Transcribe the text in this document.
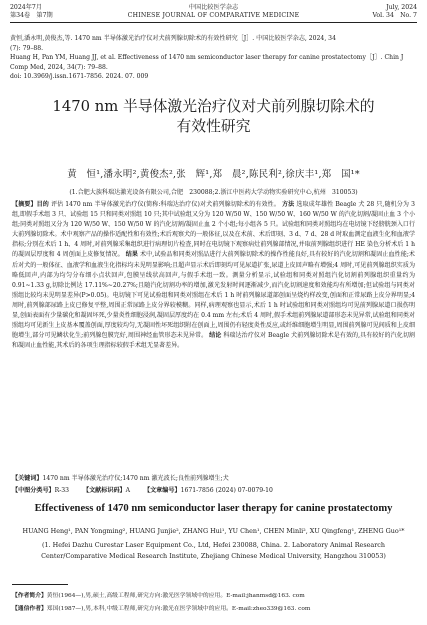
2024年7月	中国比较医学杂志	July, 2024
第34卷　第7期	CHINESE JOURNAL OF COMPARATIVE MEDICINE	Vol. 34　No. 7
黄恒,潘永明,黄俊杰,等. 1470 nm 半导体激光治疗仪对犬前列腺切除术的有效性研究［J］. 中国比较医学杂志, 2024, 34
(7): 79–88.
Huang H, Pan YM, Huang JJ, et al. Effectiveness of 1470 nm semiconductor laser therapy for canine prostatectomy［J］. Chin J
Comp Med, 2024, 34(7): 79–88.
doi: 10.3969/j.issn.1671-7856. 2024. 07. 009
1470 nm 半导体激光治疗仪对犬前列腺切除术的
有效性研究
黄　恒¹,潘永明²,黄俊杰²,张　辉¹,郑　晨²,陈民利²,徐庆丰¹,郑　国¹*
(1.合肥大族科瑞达激光设备有限公司,合肥　230088;2.浙江中医药大学动物实验研究中心,杭州　310053)

【摘要】目的 评估 1470 nm 半导体激光治疗仪(简称:科瑞达治疗仪)对犬前列腺切除术的有效性。 方法 选取成年雄性 Beagle 犬 28 只,随机分为 3 组,即假手术组 3 只、试验组 15 只和同类对照组 10 只;其中试验组又分为 120 W/50 W、150 W/50 W、160 W/50 W 的汽化切割/凝固止血 3 个小组;同类对照组又分为 120 W/50 W、150 W/50 W 的汽化切割/凝固止血 2 个小组;每小组各 5 只。试验组和同类对照组均在电切镜下经膀胱颈入口行大前列腺切除术。术中观察产品的操作适配性和有效性;术后观察犬的一般体征,以及在术前、术后即刻、3 d、7 d、28 d 时取血测定血液生化和血液学指标;分别在术后 1 h、4 周时,对前列腺采集组织进行病理切片检查,同时在电切镜下观察病灶前列腺部情况,并取前列腺组织进行 HE 染色分析术后 1 h 的凝固层厚度和 4 周创面上皮修复情况。 结果 术中,试验品和同类对照品进行大前列腺切除术的操作性能良好,具有较好的汽化切割和凝固止血性能;术后对犬的一般体征、血液学和血液生化指标均未见明显影响;且超声显示术后即刻均可见尿道扩张,尿道上皮回声略有增强;4 周时,可见前列腺组织实质为略低回声,内部为均匀分布细小点状回声,包膜呈线状高回声,与假手术组一致。测量分析显示,试验组和同类对照组汽化切割前列腺组织重量约为 0.91~1.33 g,切除比例达 17.11%~20.27%;且随汽化切割功率的增加,激光发射时间逐渐减少,而汽化切割速度和效能均有所增加;但试验组与同类对照组比较均未见明显差异(P>0.05)。电切镜下可见试验组和同类对照组在术后 1 h 时前列腺尿道部创面呈烧灼样改变,创面和正常尿路上皮分界明显;4 周时,前列腺部尿路上皮已修复平整,周围正常尿路上皮分界较模糊。同样,病理观察也显示,术后 1 h 时试验组和同类对照组均可见前列腺尿道口损伤明显,创面表面有少量碳化和凝固坏死,少量炎性细胞浸润,凝固层厚度约在 0.4 mm 左右;术后 4 周时,假手术组前列腺尿道部形态未见异常,试验组和同类对照组均可见新生上皮基本覆盖创面,厚度较均匀,无凝固性坏死组织附在创面上,周围仍有轻度炎性反应,或纤维细胞增生明显,周围前列腺可见间质和上皮细胞增生,部分可见鳞状化生;前列腺包膜完好,周围神经血管形态未见异常。 结论 科瑞达治疗仪对 Beagle 犬前列腺切除术是有效的,具有较好的汽化切割和凝固止血性能,其术后的各项生理指标较假手术组无显著差异。

【关键词】1470 nm 半导体激光治疗仪;1470 nm 激光波长;良性前列腺增生;犬
【中图分类号】R-33 【文献标识码】A 【文章编号】1671-7856 (2024) 07-0079-10
Effectiveness of 1470 nm semiconductor laser therapy for canine prostatectomy
HUANG Heng¹, PAN Yongming², HUANG Junjie², ZHANG Hui¹, YU Chen¹, CHEN Minli², XU Qingfeng¹, ZHENG Guo¹*
(1. Hefei Dazhu Curestar Laser Equipment Co., Ltd, Hefei 230088, China. 2. Laboratory Animal Research
Center/Comparative Medical Research Institute, Zhejiang Chinese Medical University, Hangzhou 310053)
【作者简介】黄恒(1964—),男,硕士,高级工程师,研究方向:激光医学领域中的应用。E-mail:jhanmsd@163. com
【通信作者】郑国(1987—),男,本科,中级工程师,研究方向:激光在医学领域中的应用。E-mail:zheo339@163. com
